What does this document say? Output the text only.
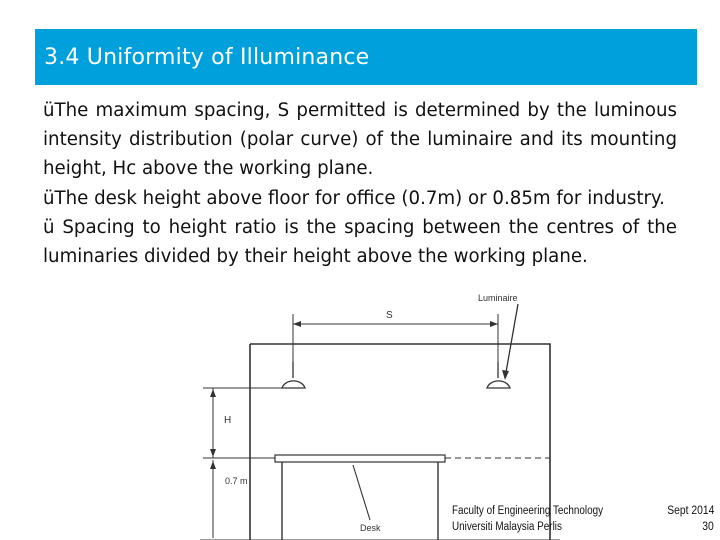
3.4 Uniformity of Illuminance

üThe maximum spacing, S permitted is determined by the luminous intensity distribution (polar curve) of the luminaire and its mounting height, Hc above the working plane.

üThe desk height above floor for office (0.7m) or 0.85m for industry.

ü Spacing to height ratio is the spacing between the centres of the luminaries divided by their height above the working plane.

S
Luminaire
H
0.7 m
Desk
Faculty of Engineering Technology	Sept 2014
Universiti Malaysia Perlis	30
